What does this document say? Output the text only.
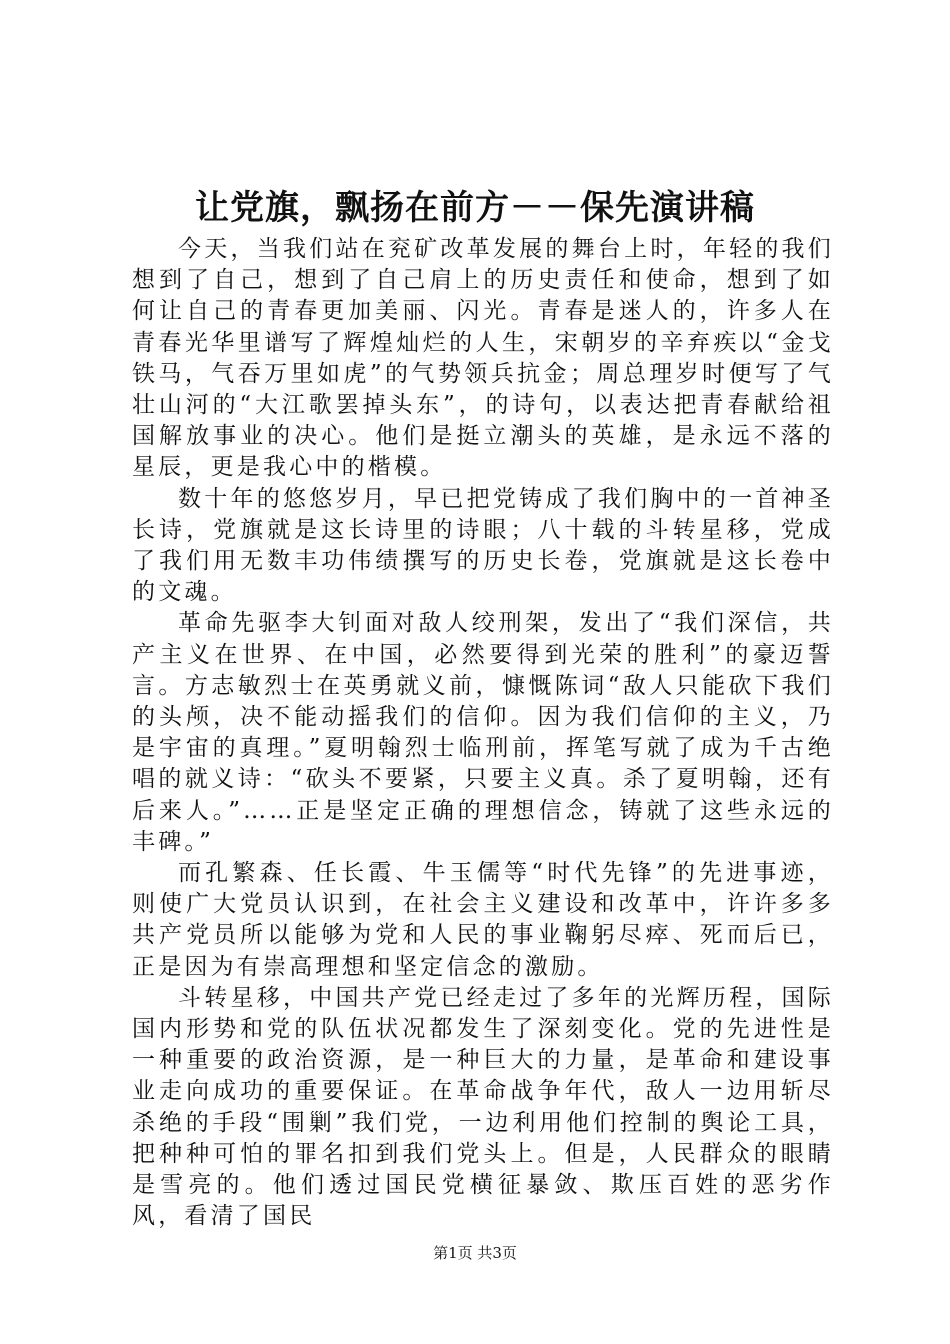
让党旗，飘扬在前方－－保先演讲稿

今天，当我们站在兖矿改革发展的舞台上时，年轻的我们想到了自己，想到了自己肩上的历史责任和使命，想到了如何让自己的青春更加美丽、闪光。青春是迷人的，许多人在青春光华里谱写了辉煌灿烂的人生，宋朝岁的辛弃疾以“金戈铁马，气吞万里如虎”的气势领兵抗金；周总理岁时便写了气壮山河的“大江歌罢掉头东”，的诗句，以表达把青春献给祖国解放事业的决心。他们是挺立潮头的英雄，是永远不落的星辰，更是我心中的楷模。

数十年的悠悠岁月，早已把党铸成了我们胸中的一首神圣长诗，党旗就是这长诗里的诗眼；八十载的斗转星移，党成了我们用无数丰功伟绩撰写的历史长卷，党旗就是这长卷中的文魂。

革命先驱李大钊面对敌人绞刑架，发出了“我们深信，共产主义在世界、在中国，必然要得到光荣的胜利”的豪迈誓言。方志敏烈士在英勇就义前，慷慨陈词“敌人只能砍下我们的头颅，决不能动摇我们的信仰。因为我们信仰的主义，乃是宇宙的真理。”夏明翰烈士临刑前，挥笔写就了成为千古绝唱的就义诗：“砍头不要紧，只要主义真。杀了夏明翰，还有后来人。”……正是坚定正确的理想信念，铸就了这些永远的丰碑。”

而孔繁森、任长霞、牛玉儒等“时代先锋”的先进事迹，则使广大党员认识到，在社会主义建设和改革中，许许多多共产党员所以能够为党和人民的事业鞠躬尽瘁、死而后已，正是因为有崇高理想和坚定信念的激励。

斗转星移，中国共产党已经走过了多年的光辉历程，国际国内形势和党的队伍状况都发生了深刻变化。党的先进性是一种重要的政治资源，是一种巨大的力量，是革命和建设事业走向成功的重要保证。在革命战争年代，敌人一边用斩尽杀绝的手段“围剿”我们党，一边利用他们控制的舆论工具，把种种可怕的罪名扣到我们党头上。但是，人民群众的眼睛是雪亮的。他们透过国民党横征暴敛、欺压百姓的恶劣作风，看清了国民

第1页 共3页
